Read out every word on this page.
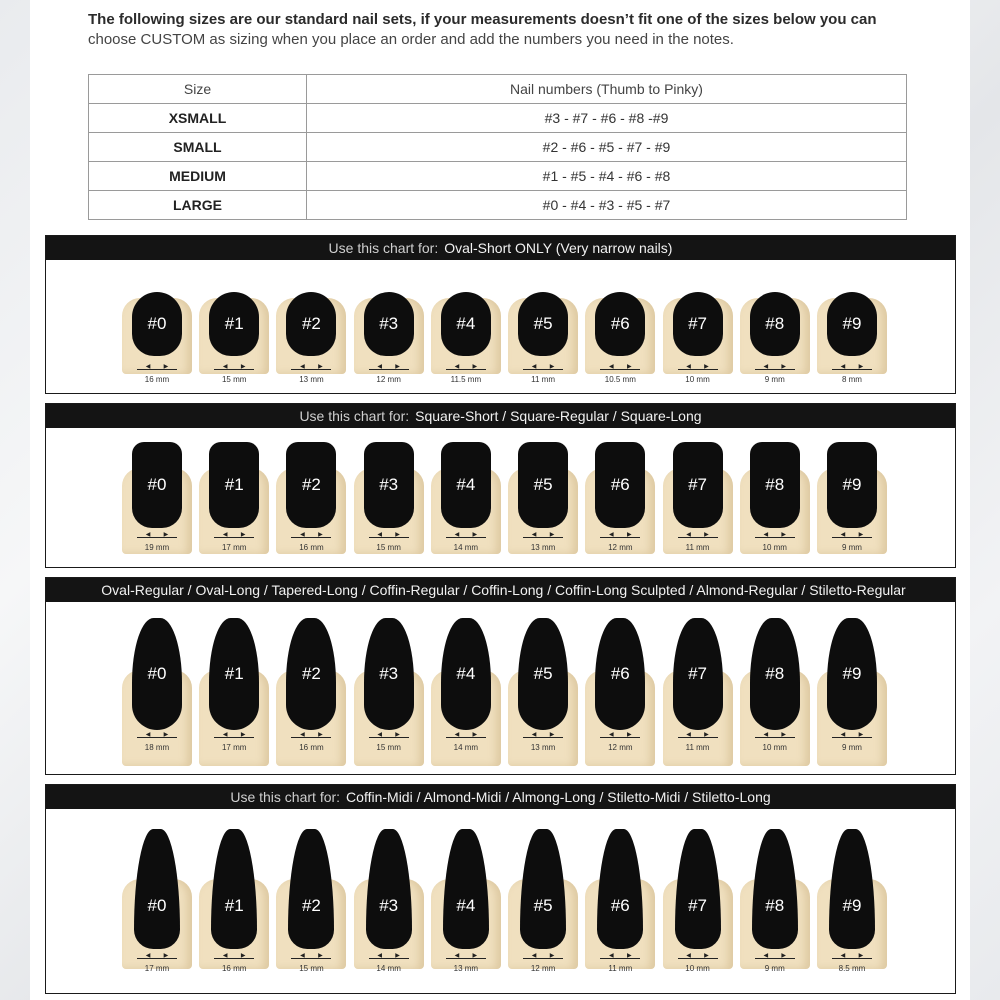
The following sizes are our standard nail sets, if your measurements doesn’t fit one of the sizes below you can
choose CUSTOM as sizing when you place an order and add the numbers you need in the notes.
Size	Nail numbers (Thumb to Pinky)
XSMALL	#3 - #7 - #6 - #8 -#9
SMALL	#2 - #6 - #5 - #7 - #9
MEDIUM	#1 - #5 - #4 - #6 - #8
LARGE	#0 - #4 - #3 - #5 - #7
Use this chart for: Oval-Short ONLY (Very narrow nails)
#0
◀        ▶
16 mm
#1
◀        ▶
15 mm
#2
◀        ▶
13 mm
#3
◀        ▶
12 mm
#4
◀        ▶
11.5 mm
#5
◀        ▶
11 mm
#6
◀        ▶
10.5 mm
#7
◀        ▶
10 mm
#8
◀        ▶
9 mm
#9
◀        ▶
8 mm
Use this chart for: Square-Short / Square-Regular / Square-Long
#0
◀        ▶
19 mm
#1
◀        ▶
17 mm
#2
◀        ▶
16 mm
#3
◀        ▶
15 mm
#4
◀        ▶
14 mm
#5
◀        ▶
13 mm
#6
◀        ▶
12 mm
#7
◀        ▶
11 mm
#8
◀        ▶
10 mm
#9
◀        ▶
9 mm
Oval-Regular / Oval-Long / Tapered-Long / Coffin-Regular / Coffin-Long / Coffin-Long Sculpted / Almond-Regular / Stiletto-Regular
#0
◀        ▶
18 mm
#1
◀        ▶
17 mm
#2
◀        ▶
16 mm
#3
◀        ▶
15 mm
#4
◀        ▶
14 mm
#5
◀        ▶
13 mm
#6
◀        ▶
12 mm
#7
◀        ▶
11 mm
#8
◀        ▶
10 mm
#9
◀        ▶
9 mm
Use this chart for: Coffin-Midi / Almond-Midi / Almong-Long / Stiletto-Midi / Stiletto-Long
#0
◀        ▶
17 mm
#1
◀        ▶
16 mm
#2
◀        ▶
15 mm
#3
◀        ▶
14 mm
#4
◀        ▶
13 mm
#5
◀        ▶
12 mm
#6
◀        ▶
11 mm
#7
◀        ▶
10 mm
#8
◀        ▶
9 mm
#9
◀        ▶
8.5 mm
